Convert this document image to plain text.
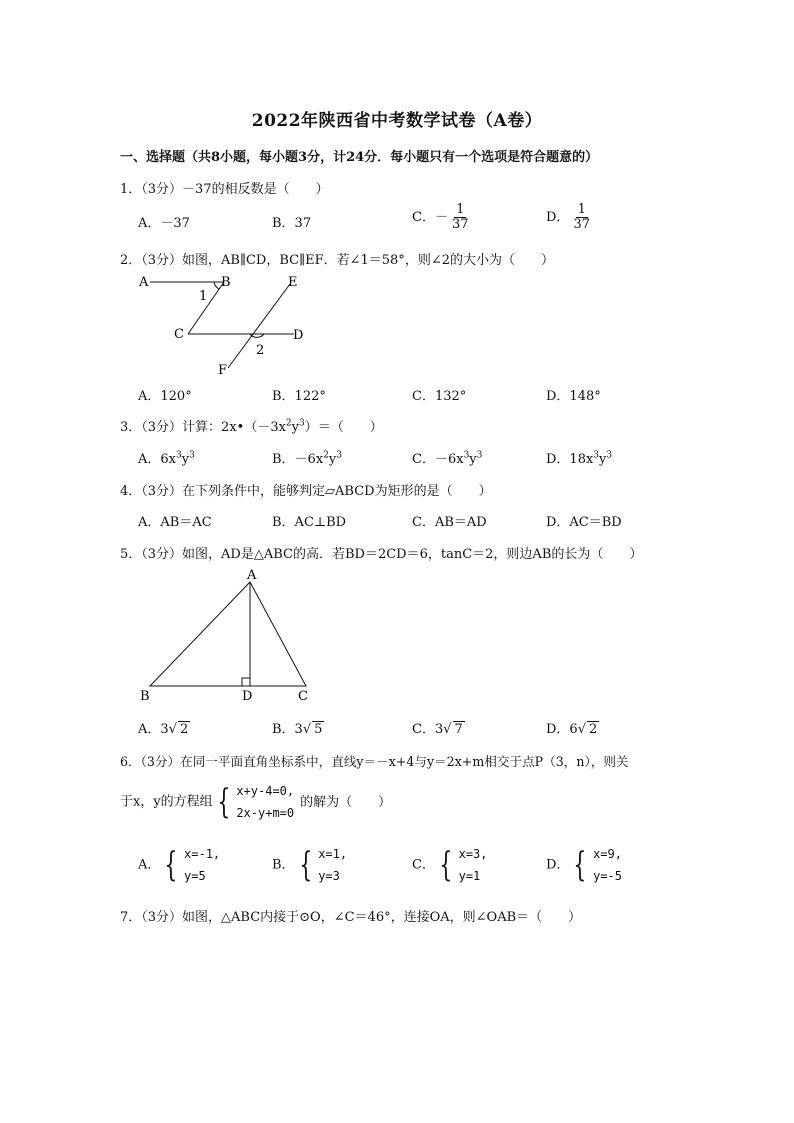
2022年陕西省中考数学试卷（A卷）
一、选择题（共8小题，每小题3分，计24分．每小题只有一个选项是符合题意的）
1．（3分）－37的相反数是（　　）
A．－37	B．37	C．－ $\frac{1}{37}$	D． $\frac{1}{37}$
2．（3分）如图，AB∥CD，BC∥EF．若∠1＝58°，则∠2的大小为（　　）
A	B
C	D
E
F
1
2
A．120°	B．122°	C．132°	D．148°
3．（3分）计算：$2x•(-3x^2y^3)=$（　　）
A．$6x^3y^3$	B．$-6x^2y^3$	C．$-6x^3y^3$	D．$18x^3y^3$
4．（3分）在下列条件中，能够判定▱ABCD为矩形的是（　　）
A．AB＝AC	B．AC⊥BD	C．AB＝AD	D．AC＝BD
5．（3分）如图，AD是△ABC的高．若BD＝2CD＝6，tanC＝2，则边AB的长为（　　）
A
B	D	C
A．3√ 2	B．3√ 5	C．3√ 7	D．6√ 2
6．（3分）在同一平面直角坐标系中，直线y＝－x+4与y＝2x+m相交于点P（3，n），则关
于x，y的方程组 { x+y-4=0,
2x-y+m=0
的解为（　　）
A． { x=-1,
y=5
B． { x=1,
y=3
C． { x=3,
y=1
D． { x=9,
y=-5
7．（3分）如图，△ABC内接于⊙O，∠C＝46°，连接OA，则∠OAB＝（　　）
